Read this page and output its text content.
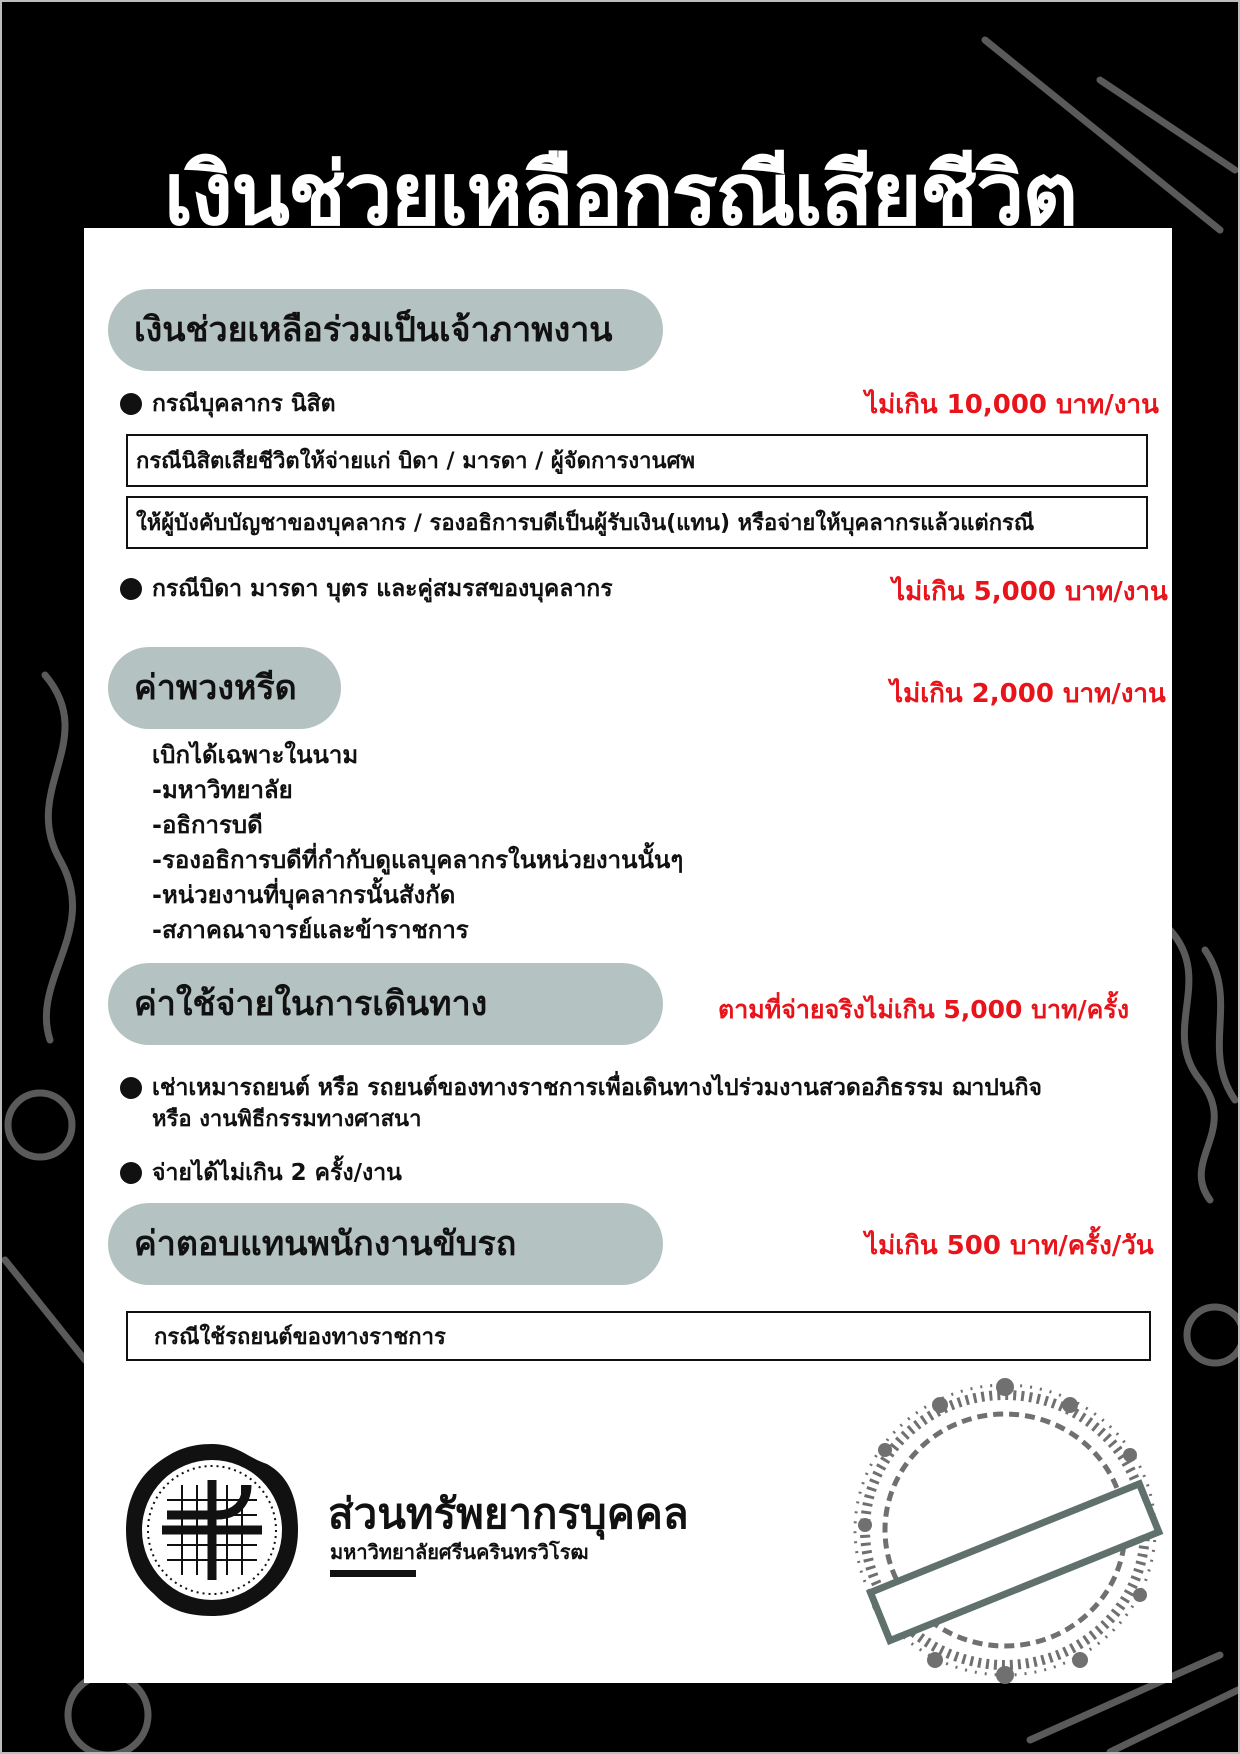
เงินช่วยเหลือกรณีเสียชีวิต
เงินช่วยเหลือร่วมเป็นเจ้าภาพงาน
กรณีบุคลากร นิสิต	ไม่เกิน 10,000 บาท/งาน
กรณีนิสิตเสียชีวิตให้จ่ายแก่ บิดา / มารดา / ผู้จัดการงานศพ
ให้ผู้บังคับบัญชาของบุคลากร / รองอธิการบดีเป็นผู้รับเงิน(แทน) หรือจ่ายให้บุคลากรแล้วแต่กรณี
กรณีบิดา มารดา บุตร และคู่สมรสของบุคลากร	ไม่เกิน 5,000 บาท/งาน
ค่าพวงหรีด	ไม่เกิน 2,000 บาท/งาน
เบิกได้เฉพาะในนาม
-มหาวิทยาลัย
-อธิการบดี
-รองอธิการบดีที่กำกับดูแลบุคลากรในหน่วยงานนั้นๆ
-หน่วยงานที่บุคลากรนั้นสังกัด
-สภาคณาจารย์และข้าราชการ
ค่าใช้จ่ายในการเดินทาง	ตามที่จ่ายจริงไม่เกิน 5,000 บาท/ครั้ง
เช่าเหมารถยนต์ หรือ รถยนต์ของทางราชการเพื่อเดินทางไปร่วมงานสวดอภิธรรม ฌาปนกิจ
หรือ งานพิธีกรรมทางศาสนา
จ่ายได้ไม่เกิน 2 ครั้ง/งาน
ค่าตอบแทนพนักงานขับรถ	ไม่เกิน 500 บาท/ครั้ง/วัน
กรณีใช้รถยนต์ของทางราชการ
ส่วนทรัพยากรบุคคล
มหาวิทยาลัยศรีนครินทรวิโรฒ
